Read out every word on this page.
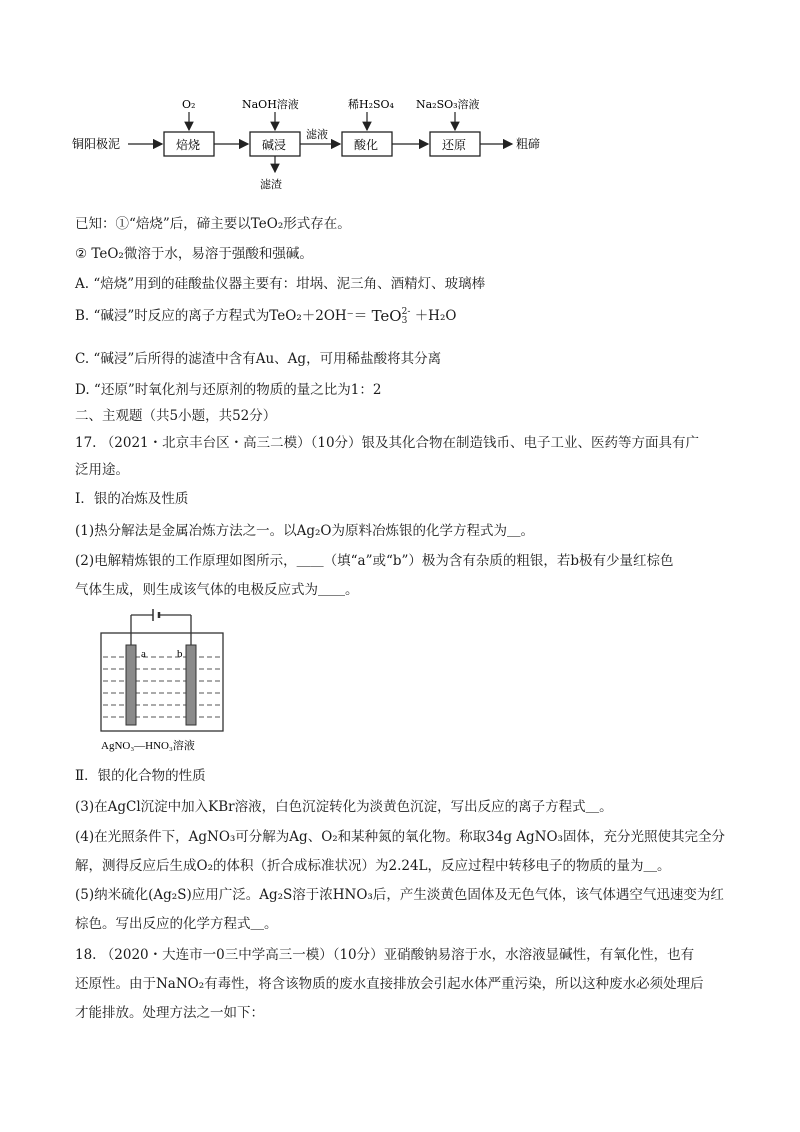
铜阳极泥	焙烧	碱浸
滤液
酸化	还原	粗碲
O₂	NaOH溶液	稀H₂SO₄ Na₂SO₃溶液
滤渣
已知：①“焙烧”后，碲主要以TeO₂形式存在。
② TeO₂微溶于水，易溶于强酸和强碱。
A. “焙烧”用到的硅酸盐仪器主要有：坩埚、泥三角、酒精灯、玻璃棒
B. “碱浸”时反应的离子方程式为TeO₂＋2OH⁻＝ TeO 2-
3 ＋H₂O
C. “碱浸”后所得的滤渣中含有Au、Ag，可用稀盐酸将其分离
D. “还原”时氧化剂与还原剂的物质的量之比为1：2
二、主观题（共5小题，共52分）
17. （2021・北京丰台区・高三二模）（10分）银及其化合物在制造钱币、电子工业、医药等方面具有广
泛用途。
Ⅰ．银的冶炼及性质
(1)热分解法是金属冶炼方法之一。以Ag₂O为原料冶炼银的化学方程式为＿。
(2)电解精炼银的工作原理如图所示，＿＿（填“a”或“b”）极为含有杂质的粗银，若b极有少量红棕色
气体生成，则生成该气体的电极反应式为＿＿。
a	b
AgNO₃—HNO₃溶液
Ⅱ．银的化合物的性质
(3)在AgCl沉淀中加入KBr溶液，白色沉淀转化为淡黄色沉淀，写出反应的离子方程式＿。
(4)在光照条件下，AgNO₃可分解为Ag、O₂和某种氮的氧化物。称取34g AgNO₃固体，充分光照使其完全分
解，测得反应后生成O₂的体积（折合成标准状况）为2.24L，反应过程中转移电子的物质的量为＿。
(5)纳米硫化(Ag₂S)应用广泛。Ag₂S溶于浓HNO₃后，产生淡黄色固体及无色气体，该气体遇空气迅速变为红
棕色。写出反应的化学方程式＿。
18. （2020・大连市一0三中学高三一模）（10分）亚硝酸钠易溶于水，水溶液显碱性，有氧化性，也有
还原性。由于NaNO₂有毒性，将含该物质的废水直接排放会引起水体严重污染，所以这种废水必须处理后
才能排放。处理方法之一如下：
